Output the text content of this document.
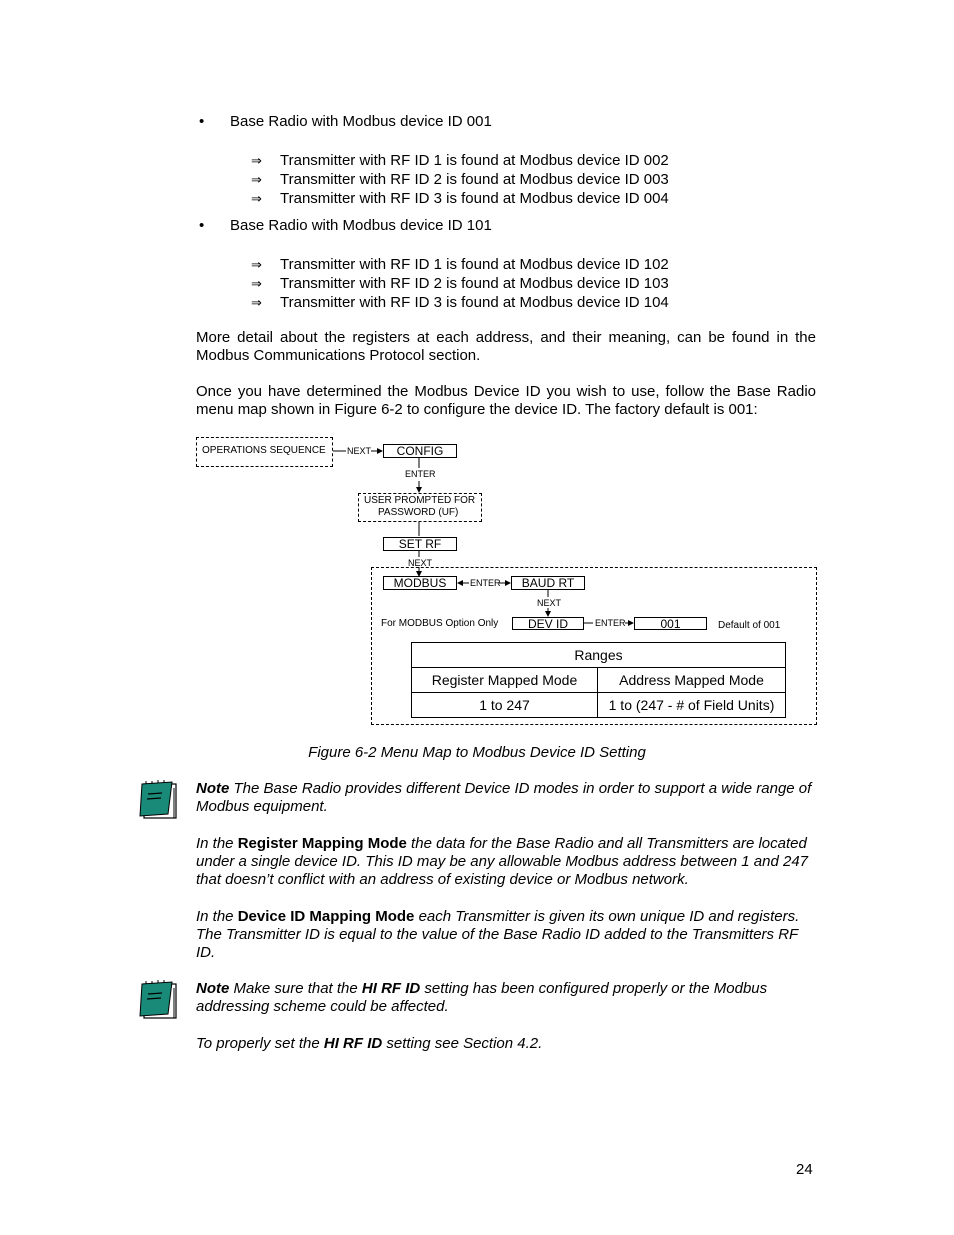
• Base Radio with Modbus device ID 001
⇒ Transmitter with RF ID 1 is found at Modbus device ID 002
⇒ Transmitter with RF ID 2 is found at Modbus device ID 003
⇒ Transmitter with RF ID 3 is found at Modbus device ID 004
• Base Radio with Modbus device ID 101
⇒ Transmitter with RF ID 1 is found at Modbus device ID 102
⇒ Transmitter with RF ID 2 is found at Modbus device ID 103
⇒ Transmitter with RF ID 3 is found at Modbus device ID 104
More detail about the registers at each address, and their meaning, can be found in the Modbus Communications Protocol section.
Once you have determined the Modbus Device ID you wish to use, follow the Base Radio menu map shown in Figure 6-2 to configure the device ID. The factory default is 001:
OPERATIONS SEQUENCE NEXT	CONFIG
ENTER
USER PROMPTED FOR
PASSWORD (UF)
SET RF
NEXT
MODBUS	ENTER	BAUD RT
NEXT
For MODBUS Option Only	DEV ID	ENTER	001	Default of 001
Ranges	
Register Mapped Mode	Address Mapped Mode
1 to 247	1 to (247 - # of Field Units)
Figure 6-2 Menu Map to Modbus Device ID Setting
Note The Base Radio provides different Device ID modes in order to support a wide range of Modbus equipment.
In the Register Mapping Mode the data for the Base Radio and all Transmitters are located under a single device ID. This ID may be any allowable Modbus address between 1 and 247 that doesn’t conflict with an address of existing device or Modbus network.
In the Device ID Mapping Mode each Transmitter is given its own unique ID and registers. The Transmitter ID is equal to the value of the Base Radio ID added to the Transmitters RF ID.
Note Make sure that the HI RF ID setting has been configured properly or the Modbus addressing scheme could be affected.
To properly set the HI RF ID setting see Section 4.2.
24
